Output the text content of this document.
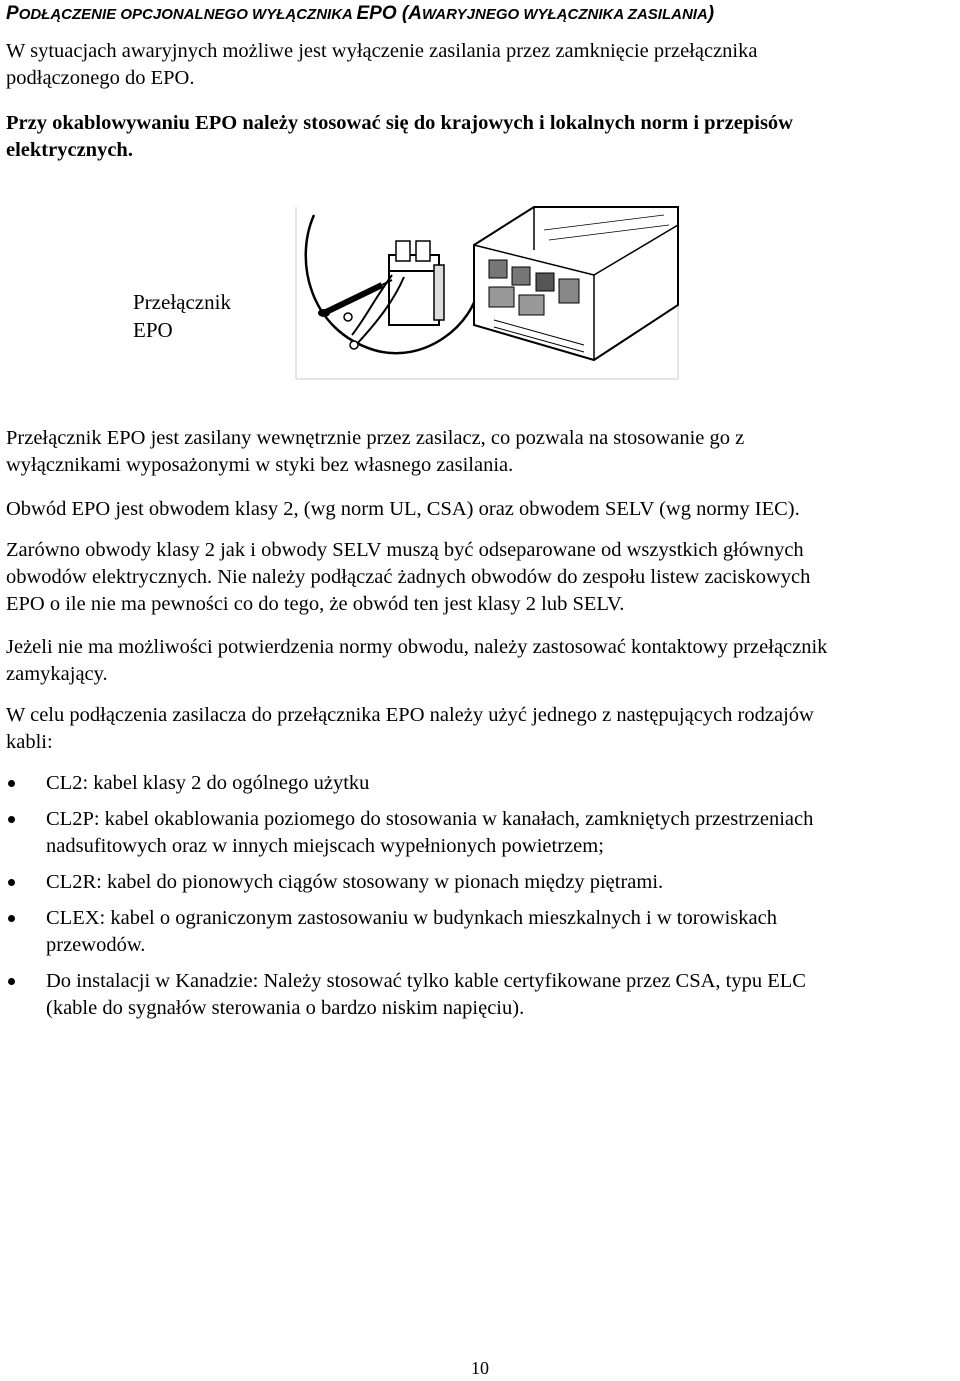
PODŁĄCZENIE OPCJONALNEGO WYŁĄCZNIKA EPO (AWARYJNEGO WYŁĄCZNIKA ZASILANIA)

W sytuacjach awaryjnych możliwe jest wyłączenie zasilania przez zamknięcie przełącznika
podłączonego do EPO.

Przy okablowywaniu EPO należy stosować się do krajowych i lokalnych norm i przepisów
elektrycznych.

Przełącznik
EPO

Przełącznik EPO jest zasilany wewnętrznie przez zasilacz, co pozwala na stosowanie go z
wyłącznikami wyposażonymi w styki bez własnego zasilania.

Obwód EPO jest obwodem klasy 2, (wg norm UL, CSA) oraz obwodem SELV (wg normy IEC).

Zarówno obwody klasy 2 jak i obwody SELV muszą być odseparowane od wszystkich głównych
obwodów elektrycznych. Nie należy podłączać żadnych obwodów do zespołu listew zaciskowych
EPO o ile nie ma pewności co do tego, że obwód ten jest klasy 2 lub SELV.

Jeżeli nie ma możliwości potwierdzenia normy obwodu, należy zastosować kontaktowy przełącznik
zamykający.

W celu podłączenia zasilacza do przełącznika EPO należy użyć jednego z następujących rodzajów
kabli:

CL2: kabel klasy 2 do ogólnego użytku
CL2P: kabel okablowania poziomego do stosowania w kanałach, zamkniętych przestrzeniach
nadsufitowych oraz w innych miejscach wypełnionych powietrzem;
CL2R: kabel do pionowych ciągów stosowany w pionach między piętrami.
CLEX: kabel o ograniczonym zastosowaniu w budynkach mieszkalnych i w torowiskach
przewodów.
Do instalacji w Kanadzie: Należy stosować tylko kable certyfikowane przez CSA, typu ELC
(kable do sygnałów sterowania o bardzo niskim napięciu).
10
